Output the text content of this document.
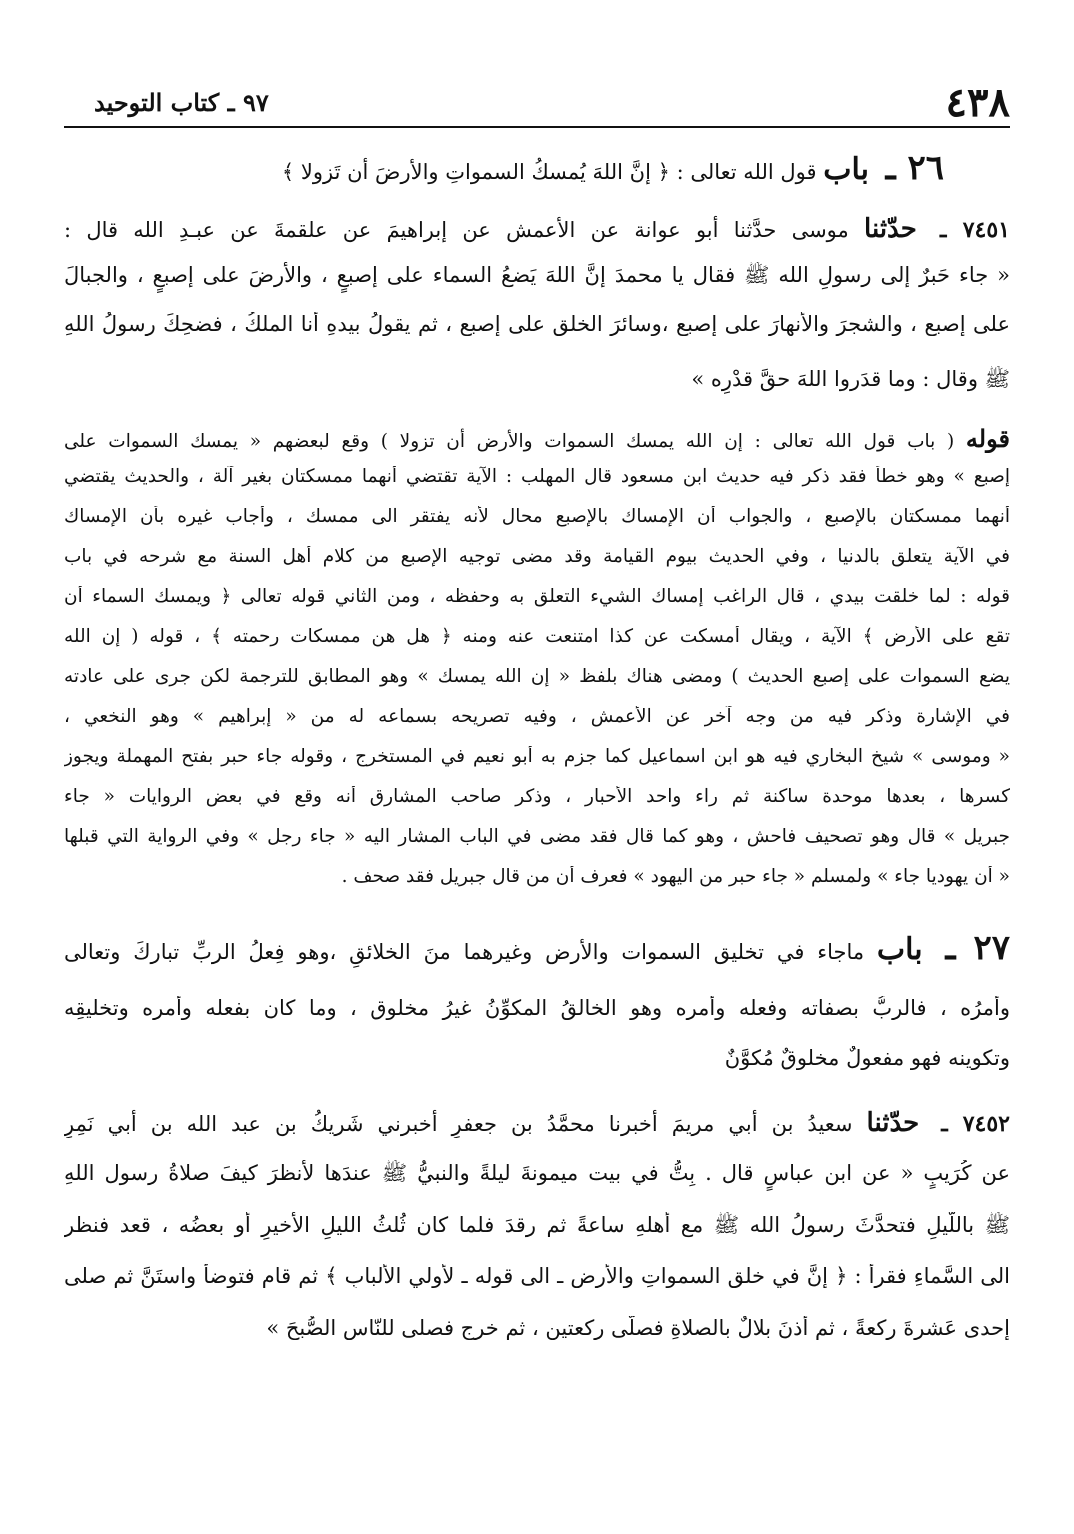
٤٣٨
٩٧ ـ كتاب التوحيد
٢٦ ـ باب قول الله تعالى : ﴿ إنَّ اللهَ يُمسكُ السمواتِ والأرضَ أن تَزولا ﴾
٧٤٥١ ـ حدّثنا موسى حدَّثنا أبو عوانة عن الأعمش عن إبراهيمَ عن علقمةَ عن عبـدِ الله قال :
« جاء حَبرٌ إلى رسولِ الله ﷺ فقال يا محمدَ إنَّ اللهَ يَضعُ السماء على إصبعٍ ، والأرضَ على إصبعٍ ، والجبالَ
على إصبعٍ ، والشجرَ والأنهارَ على إصبعٍ ،وسائرَ الخلقِ على إصبعٍ ، ثم يقولُ بيدهِ أنا الملكُ ، فضحِكَ رسولُ اللهِ
ﷺ وقال : وما قدَروا اللهَ حقَّ قدْرِه »
قوله ( باب قول الله تعالى : إن الله يمسك السموات والأرض أن تزولا ) وقع لبعضهم « يمسك السموات على
إصبع » وهو خطأ فقد ذكر فيه حديث ابن مسعود قال المهلب : الآية تقتضي أنهما ممسكتان بغير آلة ، والحديث يقتضي
أنهما ممسكتان بالإصبع ، والجواب أن الإمساك بالإصبع محال لأنه يفتقر الى ممسك ، وأجاب غيره بأن الإمساك
في الآية يتعلق بالدنيا ، وفي الحديث بيوم القيامة وقد مضى توجيه الإصبع من كلام أهل السنة مع شرحه في باب
قوله : لما خلقت بيدي ، قال الراغب إمساك الشيء التعلق به وحفظه ، ومن الثاني قوله تعالى ﴿ ويمسك السماء أن
تقع على الأرض ﴾ الآية ، ويقال أمسكت عن كذا امتنعت عنه ومنه ﴿ هل هن ممسكات رحمته ﴾ ، قوله ( إن الله
يضع السموات على إصبع الحديث ) ومضى هناك بلفظ « إن الله يمسك » وهو المطابق للترجمة لكن جرى على عادته
في الإشارة وذكر فيه من وجه آخر عن الأعمش ، وفيه تصريحه بسماعه له من « إبراهيم » وهو النخعي ،
« وموسى » شيخ البخاري فيه هو ابن اسماعيل كما جزم به أبو نعيم في المستخرج ، وقوله جاء حبر بفتح المهملة ويجوز
كسرها ، بعدها موحدة ساكنة ثم راء واحد الأحبار ، وذكر صاحب المشارق أنه وقع في بعض الروايات « جاء
جبريل » قال وهو تصحيف فاحش ، وهو كما قال فقد مضى في الباب المشار اليه « جاء رجل » وفي الرواية التي قبلها
« أن يهوديا جاء » ولمسلم « جاء حبر من اليهود » فعرف أن من قال جبريل فقد صحف .
٢٧ ـ باب ماجاء في تخليق السموات والأرض وغيرهما منَ الخلائقِ ،وهو فِعلُ الربِّ تباركَ وتعالى
وأمرُه ، فالربُّ بصفاته وفعله وأمره وهو الخالقُ المكوِّنُ غيرُ مخلوقٍ ، وما كان بفعله وأمره وتخليقِه
وتكوينه فهو مفعولٌ مخلوقٌ مُكوَّنٌ
٧٤٥٢ ـ حدّثنا سعيدُ بن أبي مريمَ أخبرنا محمَّدُ بن جعفرٍ أخبرني شَريكُ بن عبد الله بن أبي نَمِرٍ
عن كُرَيبٍ « عن ابن عباسٍ قال . بِتُّ في بيت ميمونةَ ليلةً والنبيُّ ﷺ عندَها لأنظرَ كيفَ صلاةُ رسول اللهِ
ﷺ باللّيلِ فتحدَّثَ رسولُ الله ﷺ مع أهلهِ ساعةً ثم رقدَ فلما كان ثُلثُ الليلِ الأخيرِ أو بعضُه ، قعد فنظر
الى السَّماءِ فقرأ : ﴿ إنَّ في خلقِ السمواتِ والأرضِ ـ الى قوله ـ لأولي الألبابِ ﴾ ثم قام فتوضأَ واستَنَّ ثم صلى
إحدى عَشرةَ ركعةً ، ثم أذنَ بلالٌ بالصلاةِ فصلَّى ركعتين ، ثم خرج فصلى للنّاس الصُّبحَ »
